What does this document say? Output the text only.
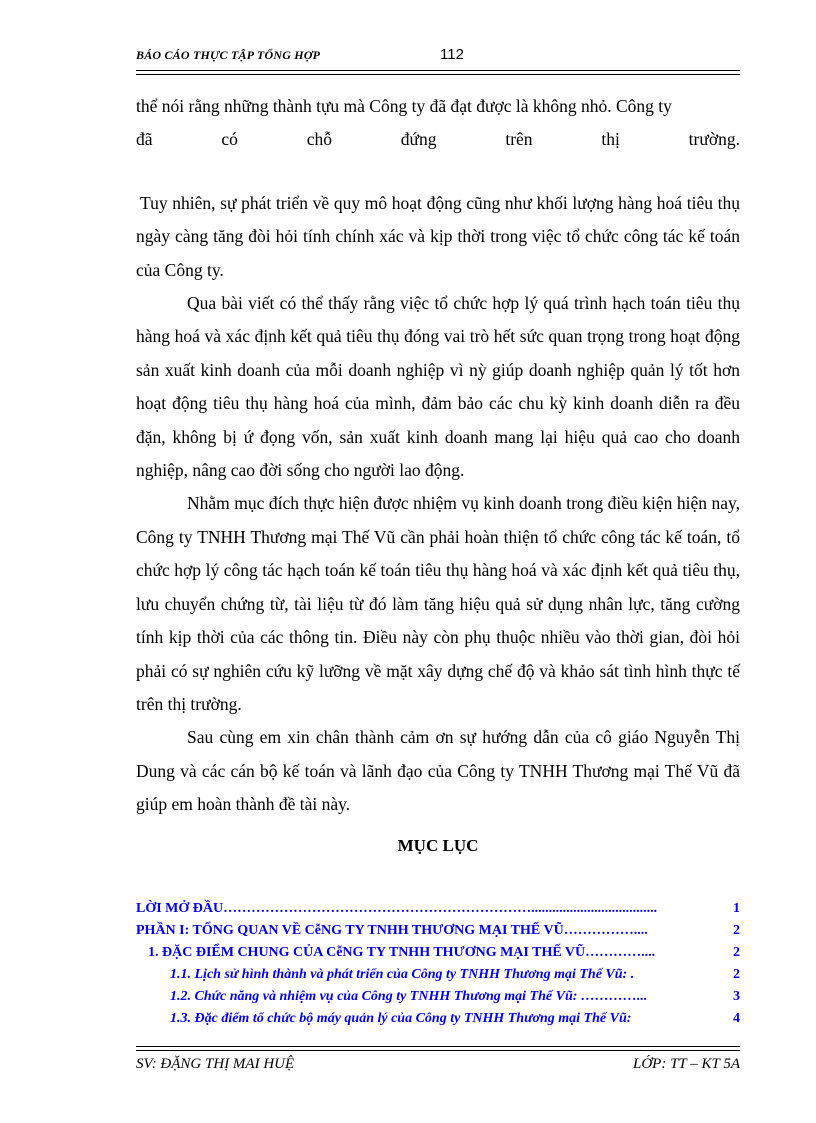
BÁO CÁO THỰC TẬP TỔNG HỢP	112

thể nói rằng những thành tựu mà Công ty đã đạt được là không nhỏ. Công ty

đã	có	chỗ	đứng	trên	thị	trường.

Tuy nhiên, sự phát triển về quy mô hoạt động cũng như khối lượng hàng hoá tiêu thụ ngày càng tăng đòi hỏi tính chính xác và kịp thời trong việc tổ chức công tác kế toán của Công ty.

Qua bài viết có thể thấy rằng việc tổ chức hợp lý quá trình hạch toán tiêu thụ hàng hoá và xác định kết quả tiêu thụ đóng vai trò hết sức quan trọng trong hoạt động sản xuất kinh doanh của mỗi doanh nghiệp vì nỳ giúp doanh nghiệp quản lý tốt hơn hoạt động tiêu thụ hàng hoá của mình, đảm bảo các chu kỳ kinh doanh diễn ra đều đặn, không bị ứ đọng vốn, sản xuất kinh doanh mang lại hiệu quả cao cho doanh nghiệp, nâng cao đời sống cho người lao động.

Nhằm mục đích thực hiện được nhiệm vụ kinh doanh trong điều kiện hiện nay, Công ty TNHH Thương mại Thế Vũ cần phải hoàn thiện tổ chức công tác kế toán, tổ chức hợp lý công tác hạch toán kế toán tiêu thụ hàng hoá và xác định kết quả tiêu thụ, lưu chuyển chứng từ, tài liệu từ đó làm tăng hiệu quả sử dụng nhân lực, tăng cường tính kịp thời của các thông tin. Điều này còn phụ thuộc nhiều vào thời gian, đòi hỏi phải có sự nghiên cứu kỹ lưỡng về mặt xây dựng chế độ và khảo sát tình hình thực tế trên thị trường.

Sau cùng em xin chân thành cảm ơn sự hướng dẫn của cô giáo Nguyễn Thị Dung và các cán bộ kế toán và lãnh đạo của Công ty TNHH Thương mại Thế Vũ đã giúp em hoàn thành đề tài này.

MỤC LỤC
LỜI MỞ ĐẦU…………………………………………………………....................................	1
PHẦN I: TỔNG QUAN VỀ CễNG TY TNHH THƯƠNG MẠI THẾ VŨ……………....	2
1. ĐẶC ĐIỂM CHUNG CỦA CễNG TY TNHH THƯƠNG MẠI THẾ VŨ…………....	2
1.1. Lịch sử hình thành và phát triển của Công ty TNHH Thương mại Thế Vũ: .	2
1.2. Chức năng và nhiệm vụ của Công ty TNHH Thương mại Thế Vũ: …………...	3
1.3. Đặc điểm tổ chức bộ máy quản lý của Công ty TNHH Thương mại Thế Vũ:	4
SV: ĐẶNG THỊ MAI HUỆ	LỚP: TT – KT 5A
